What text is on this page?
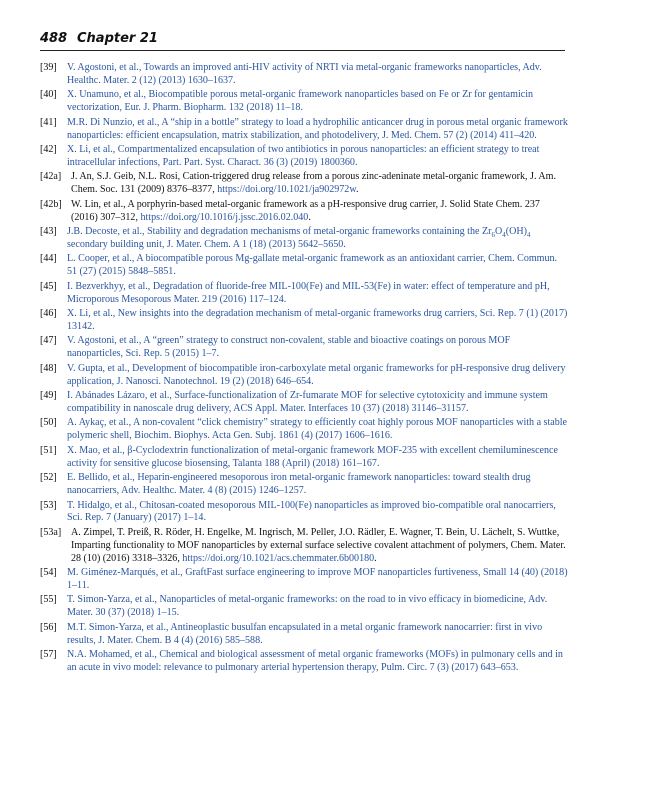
488 Chapter 21
[39] V. Agostoni, et al., Towards an improved anti-HIV activity of NRTI via metal-organic frameworks nanoparticles, Adv. Healthc. Mater. 2 (12) (2013) 1630–1637.
[40] X. Unamuno, et al., Biocompatible porous metal-organic framework nanoparticles based on Fe or Zr for gentamicin vectorization, Eur. J. Pharm. Biopharm. 132 (2018) 11–18.
[41] M.R. Di Nunzio, et al., A “ship in a bottle” strategy to load a hydrophilic anticancer drug in porous metal organic framework nanoparticles: efficient encapsulation, matrix stabilization, and photodelivery, J. Med. Chem. 57 (2) (2014) 411–420.
[42] X. Li, et al., Compartmentalized encapsulation of two antibiotics in porous nanoparticles: an efficient strategy to treat intracellular infections, Part. Part. Syst. Charact. 36 (3) (2019) 1800360.
[42a] J. An, S.J. Geib, N.L. Rosi, Cation-triggered drug release from a porous zinc-adeninate metal-organic framework, J. Am. Chem. Soc. 131 (2009) 8376–8377, https://doi.org/10.1021/ja902972w.
[42b] W. Lin, et al., A porphyrin-based metal-organic framework as a pH-responsive drug carrier, J. Solid State Chem. 237 (2016) 307–312, https://doi.org/10.1016/j.jssc.2016.02.040.
[43] J.B. Decoste, et al., Stability and degradation mechanisms of metal-organic frameworks containing the $Zr_6O_4(OH)_4$ secondary building unit, J. Mater. Chem. A 1 (18) (2013) 5642–5650.
[44] L. Cooper, et al., A biocompatible porous Mg-gallate metal-organic framework as an antioxidant carrier, Chem. Commun. 51 (27) (2015) 5848–5851.
[45] I. Bezverkhyy, et al., Degradation of fluoride-free MIL-100(Fe) and MIL-53(Fe) in water: effect of temperature and pH, Microporous Mesoporous Mater. 219 (2016) 117–124.
[46] X. Li, et al., New insights into the degradation mechanism of metal-organic frameworks drug carriers, Sci. Rep. 7 (1) (2017) 13142.
[47] V. Agostoni, et al., A “green” strategy to construct non-covalent, stable and bioactive coatings on porous MOF nanoparticles, Sci. Rep. 5 (2015) 1–7.
[48] V. Gupta, et al., Development of biocompatible iron-carboxylate metal organic frameworks for pH-responsive drug delivery application, J. Nanosci. Nanotechnol. 19 (2) (2018) 646–654.
[49] I. Abánades Lázaro, et al., Surface-functionalization of Zr-fumarate MOF for selective cytotoxicity and immune system compatibility in nanoscale drug delivery, ACS Appl. Mater. Interfaces 10 (37) (2018) 31146–31157.
[50] A. Aykaç, et al., A non-covalent “click chemistry” strategy to efficiently coat highly porous MOF nanoparticles with a stable polymeric shell, Biochim. Biophys. Acta Gen. Subj. 1861 (4) (2017) 1606–1616.
[51] X. Mao, et al., β-Cyclodextrin functionalization of metal-organic framework MOF-235 with excellent chemiluminescence activity for sensitive glucose biosensing, Talanta 188 (April) (2018) 161–167.
[52] E. Bellido, et al., Heparin-engineered mesoporous iron metal-organic framework nanoparticles: toward stealth drug nanocarriers, Adv. Healthc. Mater. 4 (8) (2015) 1246–1257.
[53] T. Hidalgo, et al., Chitosan-coated mesoporous MIL-100(Fe) nanoparticles as improved bio-compatible oral nanocarriers, Sci. Rep. 7 (January) (2017) 1–14.
[53a] A. Zimpel, T. Preiß, R. Röder, H. Engelke, M. Ingrisch, M. Peller, J.O. Rädler, E. Wagner, T. Bein, U. Lächelt, S. Wuttke, Imparting functionality to MOF nanoparticles by external surface selective covalent attachment of polymers, Chem. Mater. 28 (10) (2016) 3318–3326, https://doi.org/10.1021/acs.chemmater.6b00180.
[54] M. Giménez-Marqués, et al., GraftFast surface engineering to improve MOF nanoparticles furtiveness, Small 14 (40) (2018) 1–11.
[55] T. Simon-Yarza, et al., Nanoparticles of metal-organic frameworks: on the road to in vivo efficacy in biomedicine, Adv. Mater. 30 (37) (2018) 1–15.
[56] M.T. Simon-Yarza, et al., Antineoplastic busulfan encapsulated in a metal organic framework nanocarrier: first in vivo results, J. Mater. Chem. B 4 (4) (2016) 585–588.
[57] N.A. Mohamed, et al., Chemical and biological assessment of metal organic frameworks (MOFs) in pulmonary cells and in an acute in vivo model: relevance to pulmonary arterial hypertension therapy, Pulm. Circ. 7 (3) (2017) 643–653.
